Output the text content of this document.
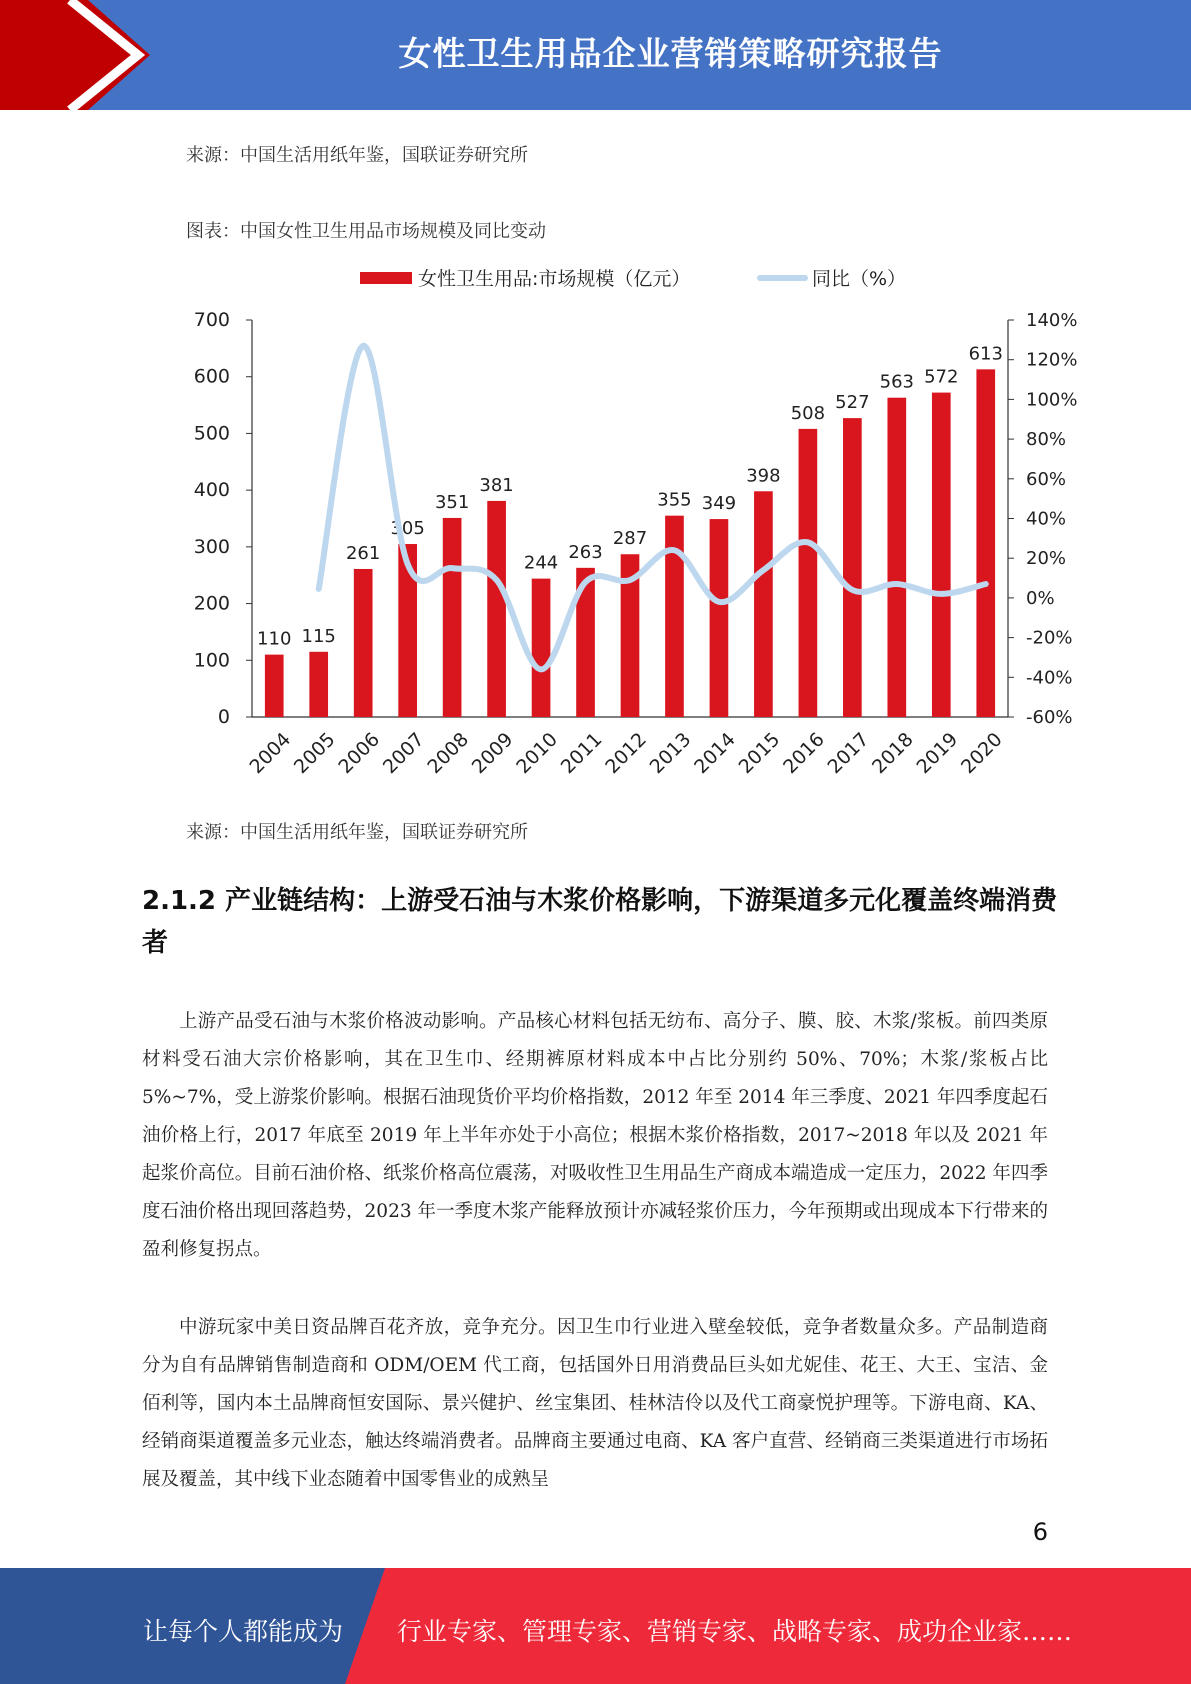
女性卫生用品企业营销策略研究报告
来源：中国生活用纸年鉴，国联证券研究所
图表：中国女性卫生用品市场规模及同比变动
女性卫生用品:市场规模（亿元）	同比（%）
0
100
200
300
400
500
600
700
-60%
-40%
-20%
0%
20%
40%
60%
80%
100%
120%
140%
110 115
261
305
351
381
244
263
287
355 349
398
508
527
563 572
613
2004
2005
2006
2007
2008
2009
2010
2011
2012
2013
2014
2015
2016
2017
2018
2019
2020
来源：中国生活用纸年鉴，国联证券研究所
2.1.2 产业链结构：上游受石油与木浆价格影响，下游渠道多元化覆盖终端消费者
上游产品受石油与木浆价格波动影响。产品核心材料包括无纺布、高分子、膜、胶、木浆/浆板。前四类原材料受石油大宗价格影响，其在卫生巾、经期裤原材料成本中占比分别约 50%、70%；木浆/浆板占比 5%~7%，受上游浆价影响。根据石油现货价平均价格指数，2012 年至 2014 年三季度、2021 年四季度起石油价格上行，2017 年底至 2019 年上半年亦处于小高位；根据木浆价格指数，2017~2018 年以及 2021 年起浆价高位。目前石油价格、纸浆价格高位震荡，对吸收性卫生用品生产商成本端造成一定压力，2022 年四季度石油价格出现回落趋势，2023 年一季度木浆产能释放预计亦减轻浆价压力，今年预期或出现成本下行带来的盈利修复拐点。
中游玩家中美日资品牌百花齐放，竞争充分。因卫生巾行业进入壁垒较低，竞争者数量众多。产品制造商分为自有品牌销售制造商和 ODM/OEM 代工商，包括国外日用消费品巨头如尤妮佳、花王、大王、宝洁、金佰利等，国内本土品牌商恒安国际、景兴健护、丝宝集团、桂林洁伶以及代工商豪悦护理等。下游电商、KA、经销商渠道覆盖多元业态，触达终端消费者。品牌商主要通过电商、KA 客户直营、经销商三类渠道进行市场拓展及覆盖，其中线下业态随着中国零售业的成熟呈
6
让每个人都能成为 行业专家、管理专家、营销专家、战略专家、成功企业家……
